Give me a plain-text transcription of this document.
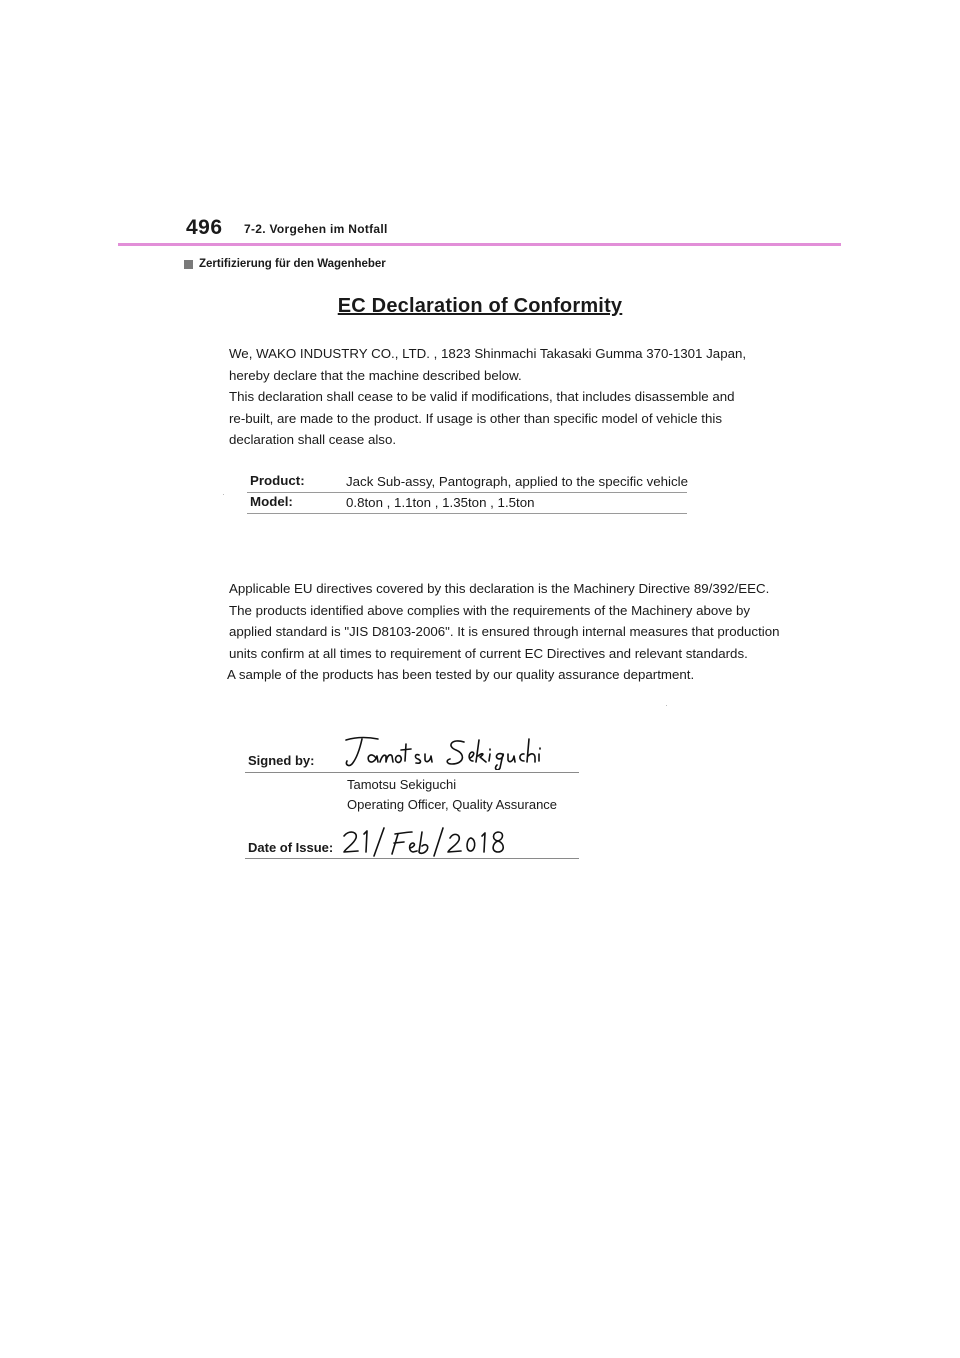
496 7-2. Vorgehen im Notfall
Zertifizierung für den Wagenheber
EC Declaration of Conformity
We, WAKO INDUSTRY CO., LTD. , 1823 Shinmachi Takasaki Gumma 370-1301 Japan,
hereby declare that the machine described below.
This declaration shall cease to be valid if modifications, that includes disassemble and
re-built, are made to the product. If usage is other than specific model of vehicle this
declaration shall cease also.
Product:	Jack Sub-assy, Pantograph, applied to the specific vehicle
Model:	0.8ton , 1.1ton , 1.35ton , 1.5ton
Applicable EU directives covered by this declaration is the Machinery Directive 89/392/EEC.
The products identified above complies with the requirements of the Machinery above by
applied standard is "JIS D8103-2006". It is ensured through internal measures that production
units confirm at all times to requirement of current EC Directives and relevant standards.
A sample of the products has been tested by our quality assurance department.
Signed by:
Tamotsu Sekiguchi
Operating Officer, Quality Assurance
Date of Issue:
